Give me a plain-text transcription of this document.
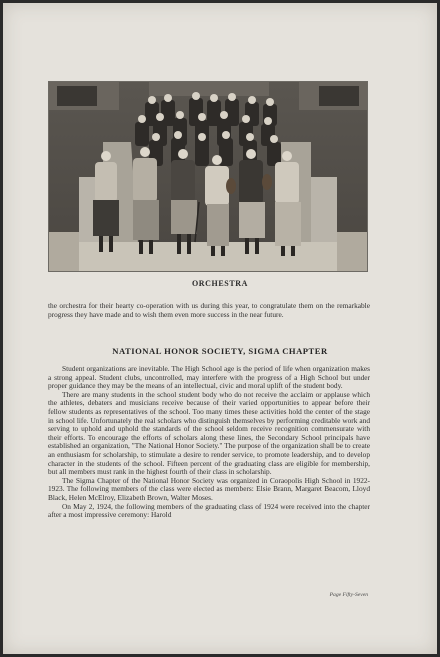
ORCHESTRA

the orchestra for their hearty co-operation with us during this year, to congratulate them on the remarkable progress they have made and to wish them even more success in the near future.

NATIONAL HONOR SOCIETY, SIGMA CHAPTER

Student organizations are inevitable. The High School age is the period of life when organization makes a strong appeal. Student clubs, uncontrolled, may interfere with the progress of a High School but under proper guidance they may be the means of an intellectual, civic and moral uplift of the student body.

There are many students in the school student body who do not receive the acclaim or applause which the athletes, debaters and musicians receive because of their varied opportunities to appear before their fellow students as representatives of the school. Too many times these activities hold the center of the stage in school life. Unfortunately the real scholars who distinguish themselves by performing creditable work and serving to uphold and uphold the standards of the school seldom receive recognition commensurate with their efforts. To encourage the efforts of scholars along these lines, the Secondary School principals have established an organization, "The National Honor Society." The purpose of the organization shall be to create an enthusiasm for scholarship, to stimulate a desire to render service, to promote leadership, and to develop character in the students of the school. Fifteen percent of the graduating class are eligible for membership, but all members must rank in the highest fourth of their class in scholarship.

The Sigma Chapter of the National Honor Society was organized in Coraopolis High School in 1922-1923. The following members of the class were elected as members: Elsie Brann, Margaret Beacom, Lloyd Black, Helen McElroy, Elizabeth Brown, Walter Moses.

On May 2, 1924, the following members of the graduating class of 1924 were received into the chapter after a most impressive ceremony: Harold

Page Fifty-Seven
